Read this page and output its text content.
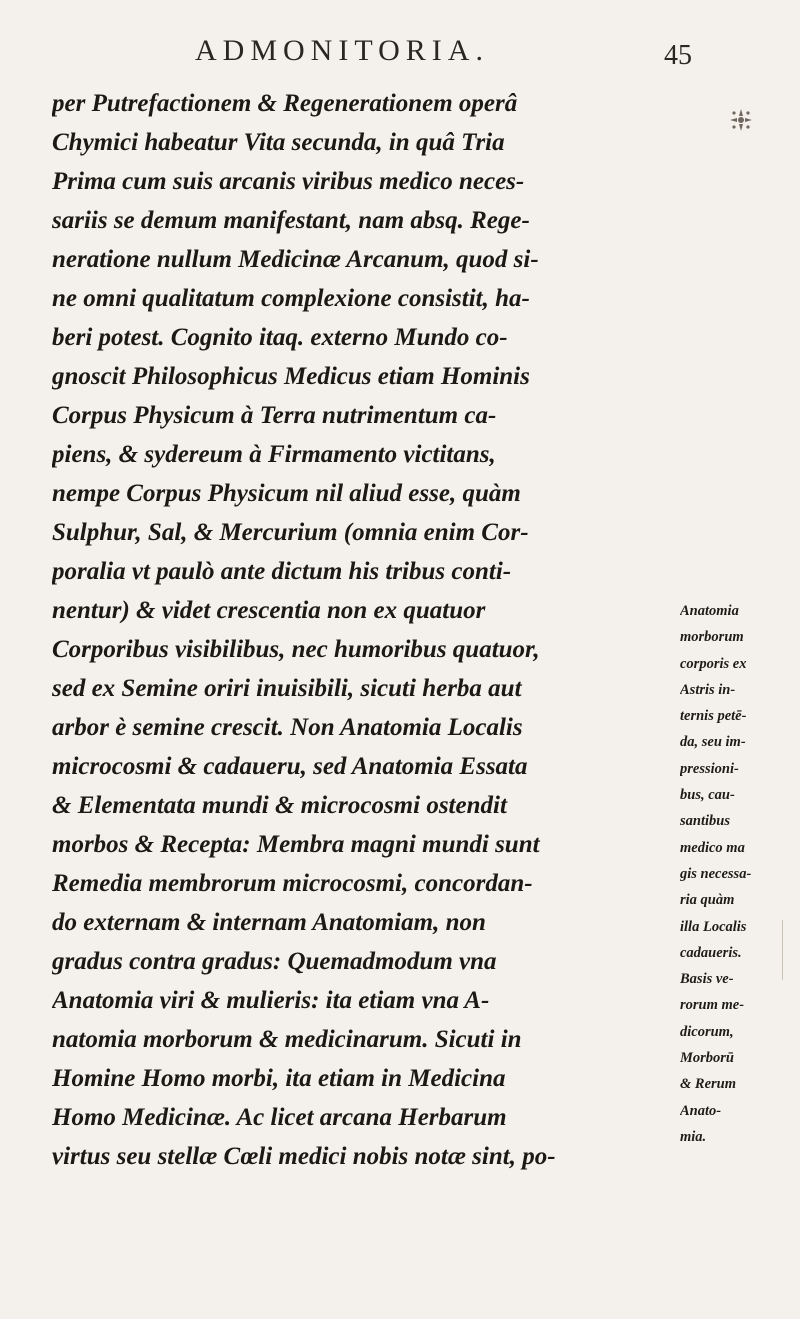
ADMONITORIA.	45
per Putrefactionem & Regenerationem operâ
Chymici habeatur Vita secunda, in quâ Tria
Prima cum suis arcanis viribus medico neces-
sariis se demum manifestant, nam absq. Rege-
neratione nullum Medicinæ Arcanum, quod si-
ne omni qualitatum complexione consistit, ha-
beri potest. Cognito itaq. externo Mundo co-
gnoscit Philosophicus Medicus etiam Hominis
Corpus Physicum à Terra nutrimentum ca-
piens, & sydereum à Firmamento victitans,
nempe Corpus Physicum nil aliud esse, quàm
Sulphur, Sal, & Mercurium (omnia enim Cor-
poralia vt paulò ante dictum his tribus conti-
nentur) & videt crescentia non ex quatuor
Corporibus visibilibus, nec humoribus quatuor,
sed ex Semine oriri inuisibili, sicuti herba aut
arbor è semine crescit. Non Anatomia Localis
microcosmi & cadaueru, sed Anatomia Essata
& Elementata mundi & microcosmi ostendit
morbos & Recepta: Membra magni mundi sunt
Remedia membrorum microcosmi, concordan-
do externam & internam Anatomiam, non
gradus contra gradus: Quemadmodum vna
Anatomia viri & mulieris: ita etiam vna A-
natomia morborum & medicinarum. Sicuti in
Homine Homo morbi, ita etiam in Medicina
Homo Medicinæ. Ac licet arcana Herbarum
virtus seu stellæ Cœli medici nobis notæ sint, po-
Anatomia
morborum
corporis ex
Astris in-
ternis petē-
da, seu im-
pressioni-
bus, cau-
santibus
medico ma
gis necessa-
ria quàm
illa Localis
cadaueris.
Basis ve-
rorum me-
dicorum,
Morborū
& Rerum
Anato-
mia.
